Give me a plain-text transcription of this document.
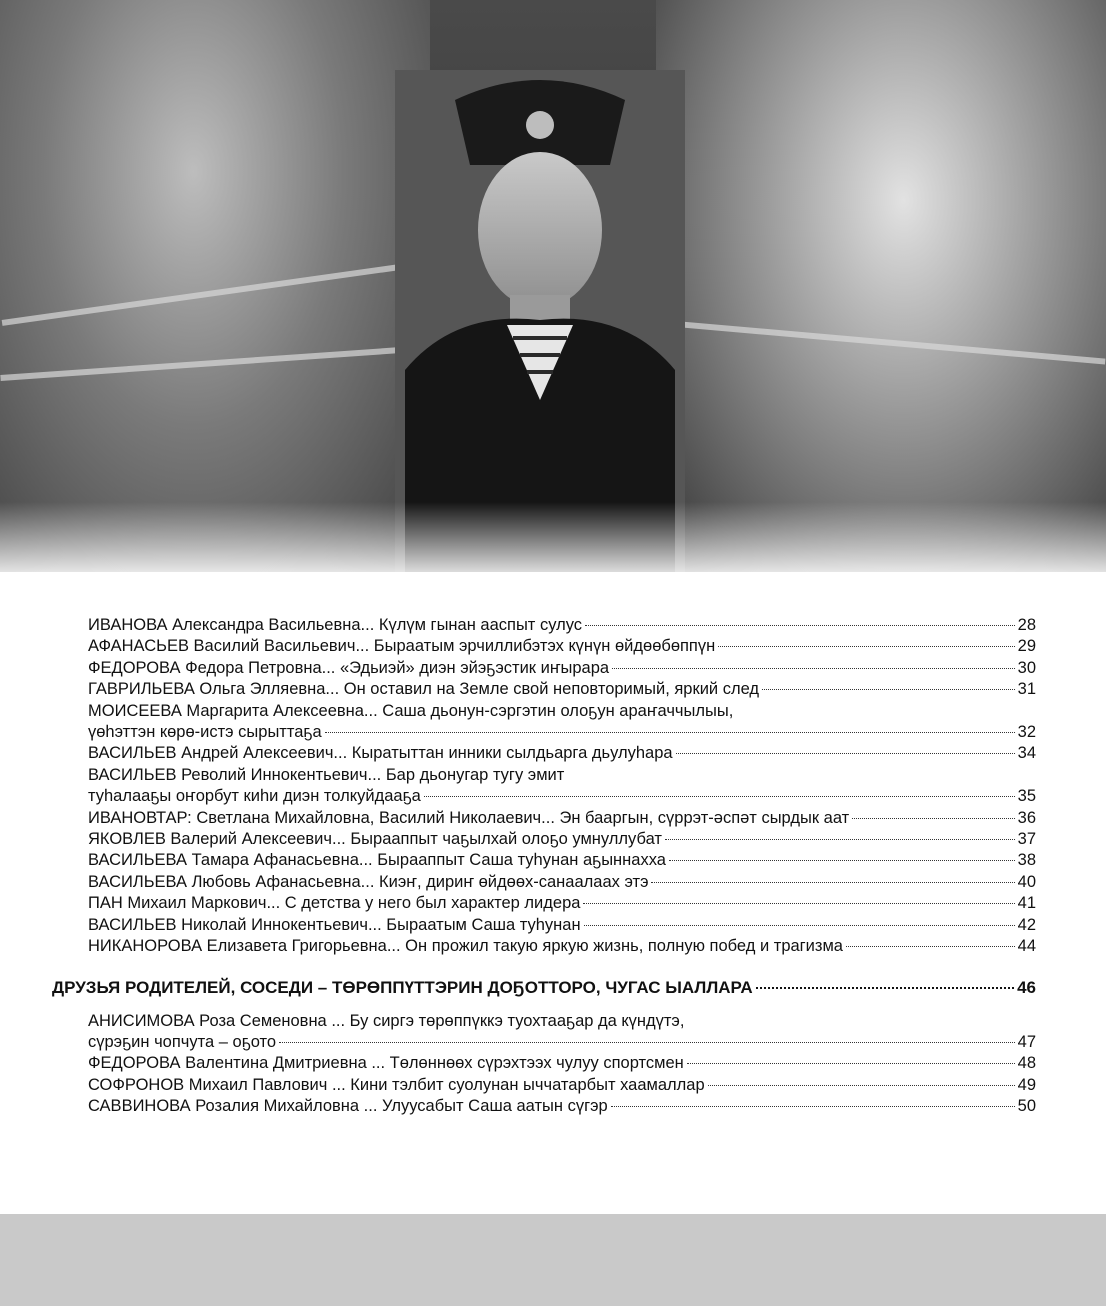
ИВАНОВА Александра Васильевна... Күлүм гынан ааспыт сулус	28
АФАНАСЬЕВ Василий Васильевич... Быраатым эрчиллибэтэх күнүн өйдөөбөппүн	29
ФЕДОРОВА Федора Петровна... «Эдьиэй» диэн эйэҕэстик иҥырара	30
ГАВРИЛЬЕВА Ольга Элляевна... Он оставил на Земле свой неповторимый, яркий след	31
МОИСЕЕВА Маргарита Алексеевна... Саша дьонун-сэргэтин олоҕун араҥаччылыы,
үөһэттэн көрө-истэ сырыттаҕа	32
ВАСИЛЬЕВ Андрей Алексеевич... Кыратыттан инники сылдьарга дьулуһара	34
ВАСИЛЬЕВ Револий Иннокентьевич... Бар дьонугар тугу эмит
туһалааҕы оҥорбут киһи диэн толкуйдааҕа	35
ИВАНОВТАР: Светлана Михайловна, Василий Николаевич... Эн бааргын, сүррэт-әспәт сырдык аат	36
ЯКОВЛЕВ Валерий Алексеевич... Бырааппыт чаҕылхай олоҕо умнуллубат	37
ВАСИЛЬЕВА Тамара Афанасьевна... Бырааппыт Саша туһунан аҕыннахха	38
ВАСИЛЬЕВА Любовь Афанасьевна... Киэҥ, дириҥ өйдөөх-санаалаах этэ	40
ПАН Михаил Маркович... С детства у него был характер лидера	41
ВАСИЛЬЕВ Николай Иннокентьевич... Быраатым Саша туһунан	42
НИКАНОРОВА Елизавета Григорьевна... Он прожил такую яркую жизнь, полную побед и трагизма	44
ДРУЗЬЯ РОДИТЕЛЕЙ, СОСЕДИ – ТӨРӨППҮТТЭРИН ДОҔОТТОРО, ЧУГАС ЫАЛЛАРА	46
АНИСИМОВА Роза Семеновна ... Бу сиргэ төрөппүккэ туохтааҕар да күндүтэ,
сүрэҕин чопчута – оҕото	47
ФЕДОРОВА Валентина Дмитриевна ... Төлөннөөх сүрэхтээх чулуу спортсмен	48
СОФРОНОВ Михаил Павлович ... Кини тэлбит суолунан ыччатарбыт хаамаллар	49
САВВИНОВА Розалия Михайловна ... Улуусабыт Саша аатын сүгэр	50
